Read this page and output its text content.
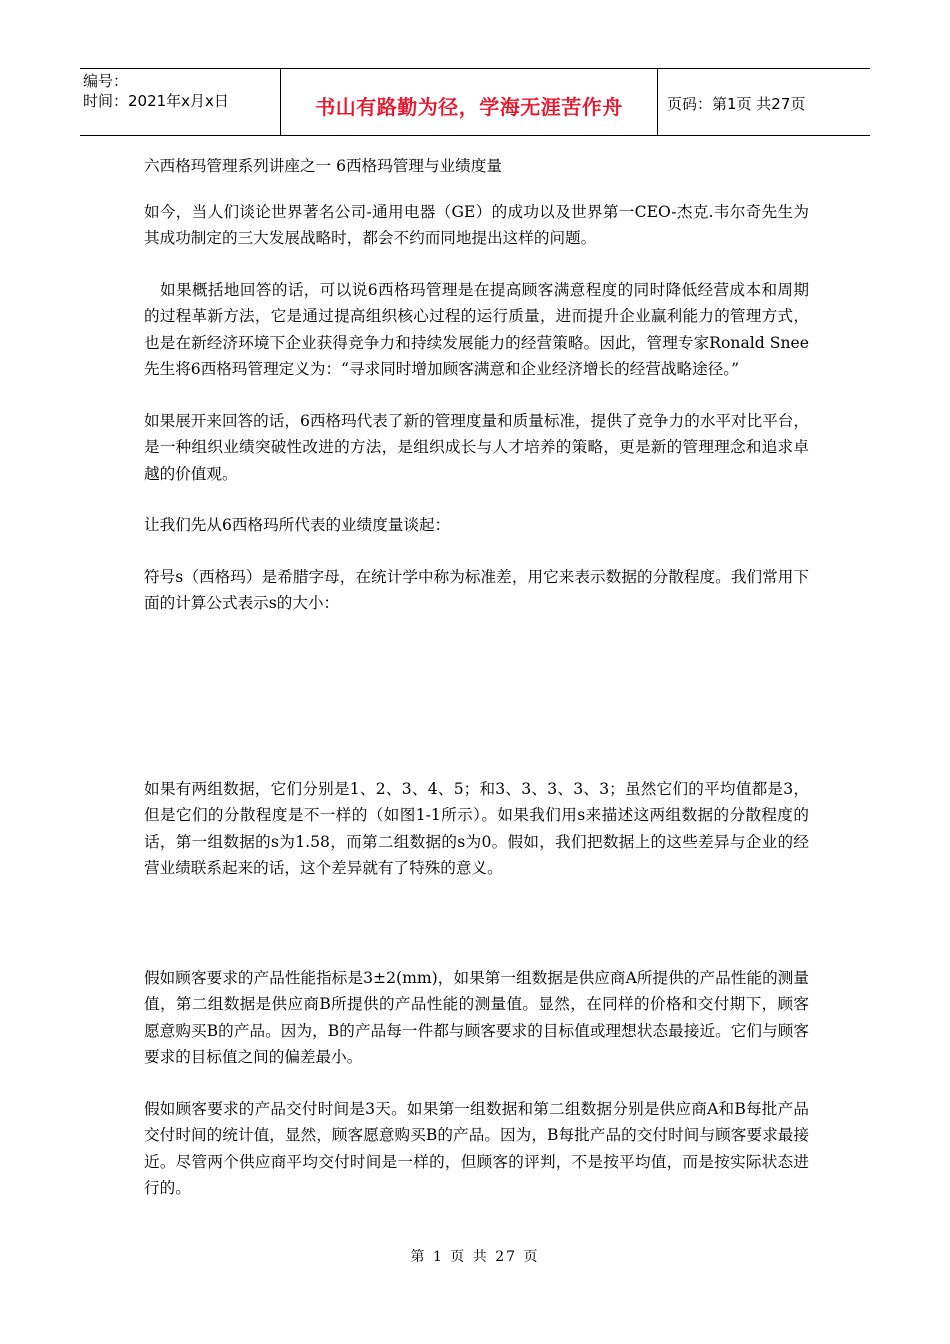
编号：
时间：2021年x月x日	书山有路勤为径，学海无涯苦作舟	页码：第1页 共27页

六西格玛管理系列讲座之一 6西格玛管理与业绩度量

如今，当人们谈论世界著名公司-通用电器（GE）的成功以及世界第一CEO-杰克.韦尔奇先生为其成功制定的三大发展战略时，都会不约而同地提出这样的问题。

如果概括地回答的话，可以说6西格玛管理是在提高顾客满意程度的同时降低经营成本和周期的过程革新方法，它是通过提高组织核心过程的运行质量，进而提升企业赢利能力的管理方式，也是在新经济环境下企业获得竞争力和持续发展能力的经营策略。因此，管理专家Ronald Snee先生将6西格玛管理定义为：“寻求同时增加顾客满意和企业经济增长的经营战略途径。”

如果展开来回答的话，6西格玛代表了新的管理度量和质量标准，提供了竞争力的水平对比平台，是一种组织业绩突破性改进的方法，是组织成长与人才培养的策略，更是新的管理理念和追求卓越的价值观。

让我们先从6西格玛所代表的业绩度量谈起：

符号s（西格玛）是希腊字母，在统计学中称为标准差，用它来表示数据的分散程度。我们常用下面的计算公式表示s的大小：

如果有两组数据，它们分别是1、2、3、4、5；和3、3、3、3、3；虽然它们的平均值都是3，但是它们的分散程度是不一样的（如图1-1所示）。如果我们用s来描述这两组数据的分散程度的话，第一组数据的s为1.58，而第二组数据的s为0。假如，我们把数据上的这些差异与企业的经营业绩联系起来的话，这个差异就有了特殊的意义。

假如顾客要求的产品性能指标是3±2(mm)，如果第一组数据是供应商A所提供的产品性能的测量值，第二组数据是供应商B所提供的产品性能的测量值。显然，在同样的价格和交付期下，顾客愿意购买B的产品。因为，B的产品每一件都与顾客要求的目标值或理想状态最接近。它们与顾客要求的目标值之间的偏差最小。

假如顾客要求的产品交付时间是3天。如果第一组数据和第二组数据分别是供应商A和B每批产品交付时间的统计值，显然，顾客愿意购买B的产品。因为，B每批产品的交付时间与顾客要求最接近。尽管两个供应商平均交付时间是一样的，但顾客的评判，不是按平均值，而是按实际状态进行的。

第 1 页 共 27 页
